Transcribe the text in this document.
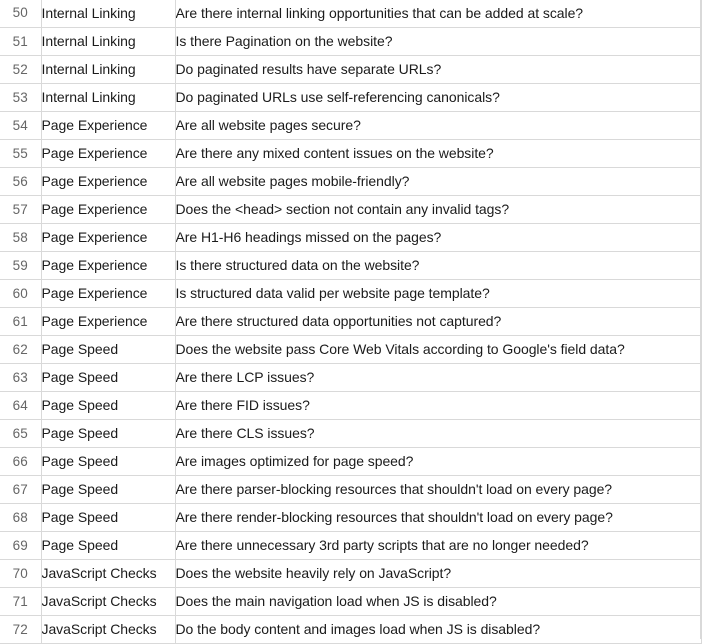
50	Internal Linking	Are there internal linking opportunities that can be added at scale?
51	Internal Linking	Is there Pagination on the website?
52	Internal Linking	Do paginated results have separate URLs?
53	Internal Linking	Do paginated URLs use self-referencing canonicals?
54	Page Experience	Are all website pages secure?
55	Page Experience	Are there any mixed content issues on the website?
56	Page Experience	Are all website pages mobile-friendly?
57	Page Experience	Does the <head> section not contain any invalid tags?
58	Page Experience	Are H1-H6 headings missed on the pages?
59	Page Experience	Is there structured data on the website?
60	Page Experience	Is structured data valid per website page template?
61	Page Experience	Are there structured data opportunities not captured?
62	Page Speed	Does the website pass Core Web Vitals according to Google's field data?
63	Page Speed	Are there LCP issues?
64	Page Speed	Are there FID issues?
65	Page Speed	Are there CLS issues?
66	Page Speed	Are images optimized for page speed?
67	Page Speed	Are there parser-blocking resources that shouldn't load on every page?
68	Page Speed	Are there render-blocking resources that shouldn't load on every page?
69	Page Speed	Are there unnecessary 3rd party scripts that are no longer needed?
70	JavaScript Checks	Does the website heavily rely on JavaScript?
71	JavaScript Checks	Does the main navigation load when JS is disabled?
72	JavaScript Checks	Do the body content and images load when JS is disabled?
